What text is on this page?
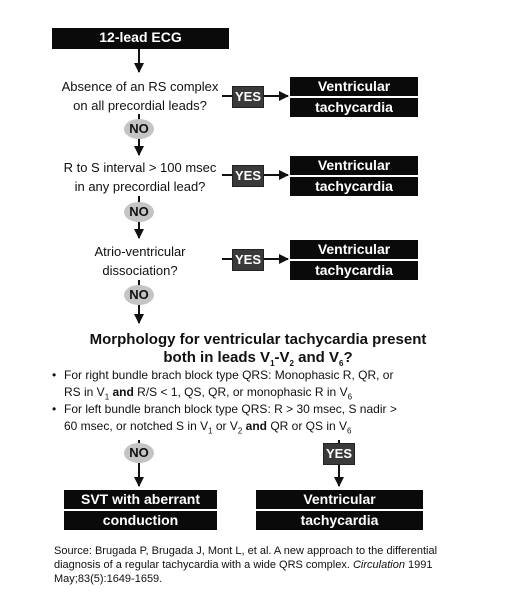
12-lead ECG
Absence of an RS complex
on all precordial leads?
YES
Ventricular
tachycardia
NO
R to S interval > 100 msec
in any precordial lead?
YES
Ventricular
tachycardia
NO
Atrio-ventricular
dissociation?
YES
Ventricular
tachycardia
NO
Morphology for ventricular tachycardia present
both in leads $V_1-V_2$ and $V_6$?
• For right bundle brach block type QRS: Monophasic R, QR, or RS in $V_1$ and R/S < 1, QS, QR, or monophasic R in $V_6$
• For left bundle branch block type QRS: R > 30 msec, S nadir > 60 msec, or notched S in $V_1$ or $V_2$ and QR or QS in $V_6$
NO	YES
SVT with aberrant
conduction
Ventricular
tachycardia
Source: Brugada P, Brugada J, Mont L, et al. A new approach to the differential diagnosis of a regular tachycardia with a wide QRS complex. Circulation 1991 May;83(5):1649-1659.
